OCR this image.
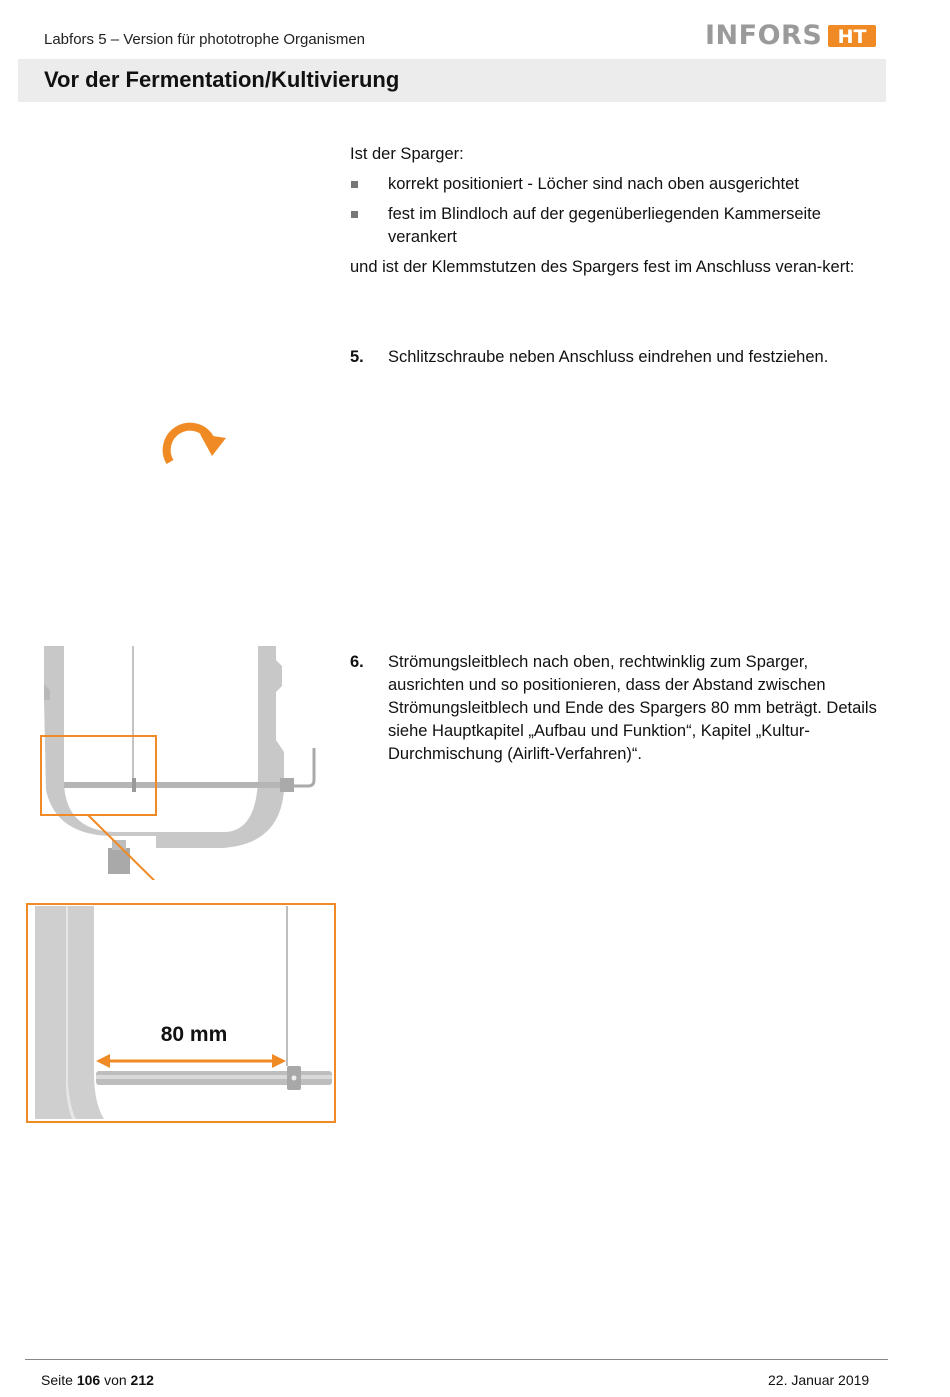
Labfors 5 – Version für phototrophe Organismen	INFORS HT
Vor der Fermentation/Kultivierung
Ist der Sparger:
korrekt positioniert - Löcher sind nach oben ausgerichtet
fest im Blindloch auf der gegenüberliegenden Kammerseite verankert
und ist der Klemmstutzen des Spargers fest im Anschluss veran-kert:
5. Schlitzschraube neben Anschluss eindrehen und festziehen.
6. Strömungsleitblech nach oben, rechtwinklig zum Sparger, ausrichten und so positionieren, dass der Abstand zwischen Strömungsleitblech und Ende des Spargers 80 mm beträgt. Details siehe Hauptkapitel „Aufbau und Funktion“, Kapitel „Kultur-Durchmischung (Airlift-Verfahren)“.
80 mm
Seite 106 von 212	22. Januar 2019
